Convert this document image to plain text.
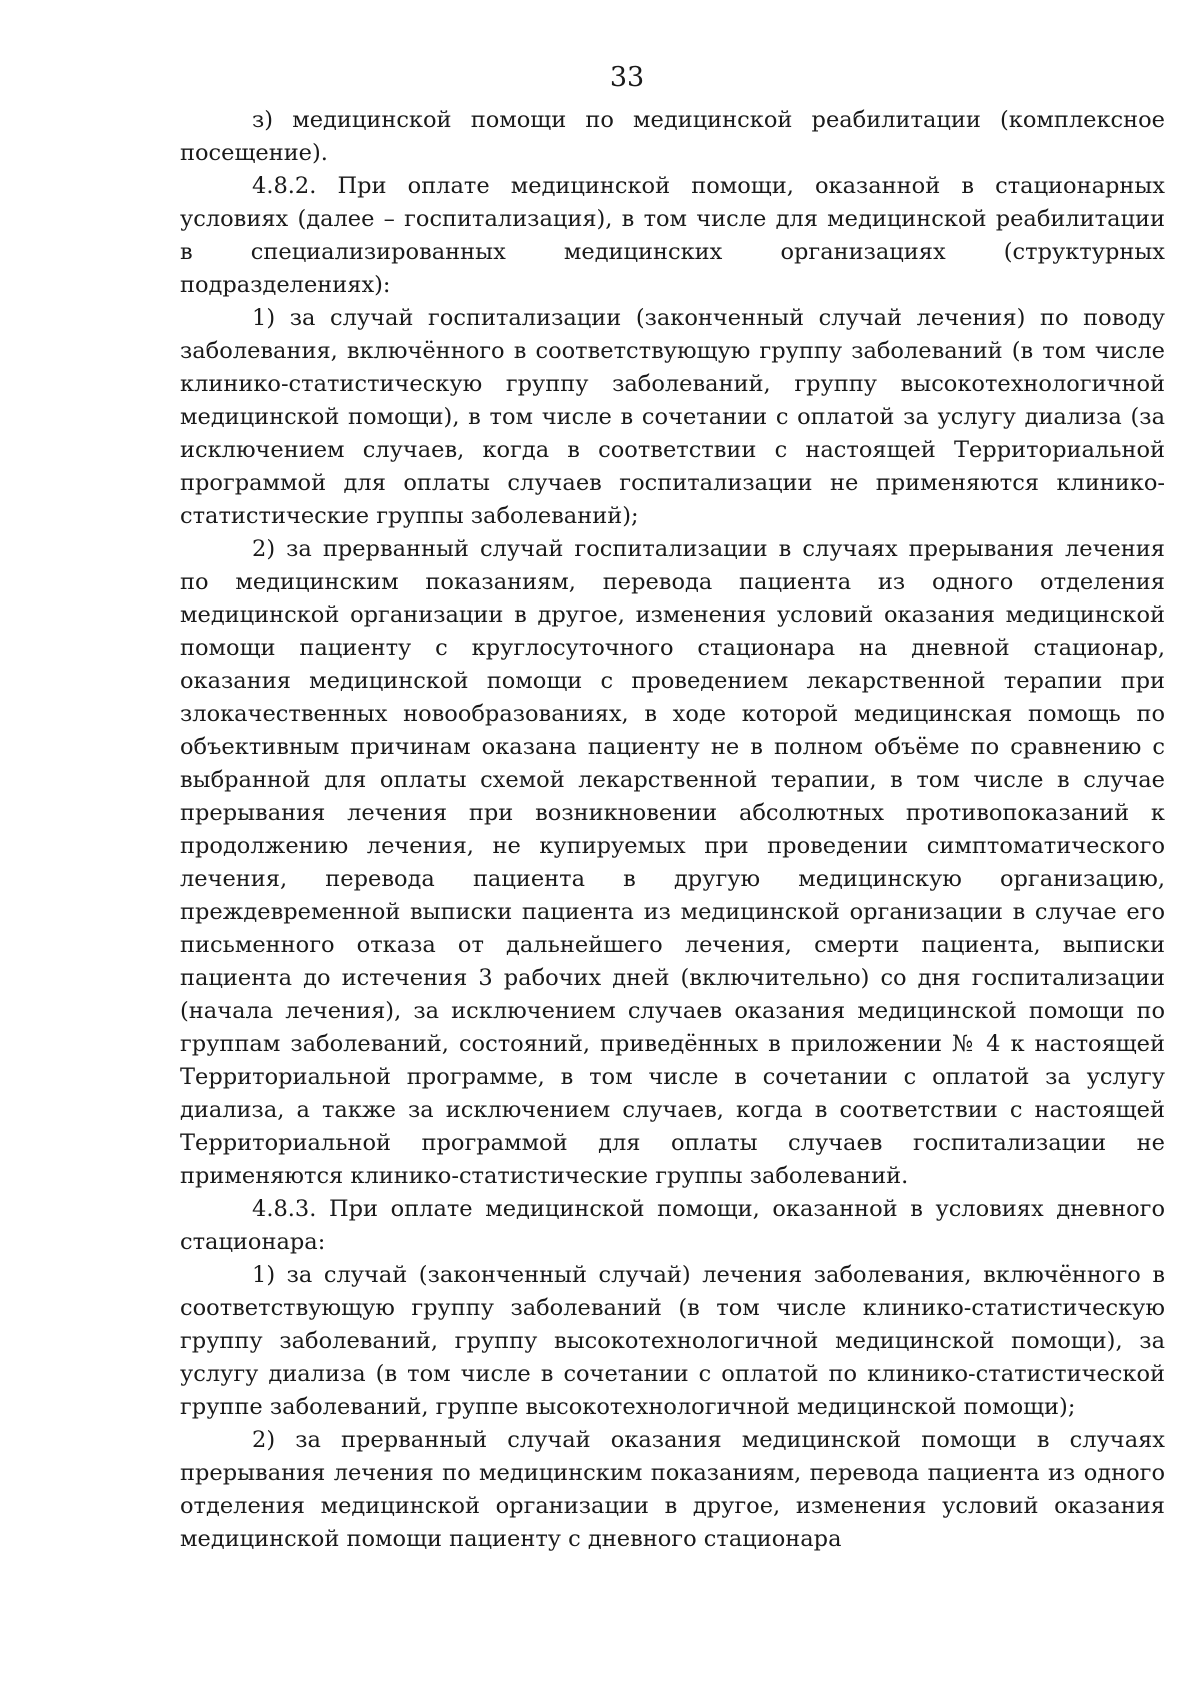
33

з) медицинской помощи по медицинской реабилитации (комплексное посещение).

4.8.2. При оплате медицинской помощи, оказанной в стационарных условиях (далее – госпитализация), в том числе для медицинской реабилитации в специализированных медицинских организациях (структурных подразделениях):

1) за случай госпитализации (законченный случай лечения) по поводу заболевания, включённого в соответствующую группу заболеваний (в том числе клинико-статистическую группу заболеваний, группу высокотехнологичной медицинской помощи), в том числе в сочетании с оплатой за услугу диализа (за исключением случаев, когда в соответствии с настоящей Территориальной программой для оплаты случаев госпитализации не применяются клинико-статистические группы заболеваний);

2) за прерванный случай госпитализации в случаях прерывания лечения по медицинским показаниям, перевода пациента из одного отделения медицинской организации в другое, изменения условий оказания медицинской помощи пациенту с круглосуточного стационара на дневной стационар, оказания медицинской помощи с проведением лекарственной терапии при злокачественных новообразованиях, в ходе которой медицинская помощь по объективным причинам оказана пациенту не в полном объёме по сравнению с выбранной для оплаты схемой лекарственной терапии, в том числе в случае прерывания лечения при возникновении абсолютных противопоказаний к продолжению лечения, не купируемых при проведении симптоматического лечения, перевода пациента в другую медицинскую организацию, преждевременной выписки пациента из медицинской организации в случае его письменного отказа от дальнейшего лечения, смерти пациента, выписки пациента до истечения 3 рабочих дней (включительно) со дня госпитализации (начала лечения), за исключением случаев оказания медицинской помощи по группам заболеваний, состояний, приведённых в приложении № 4 к настоящей Территориальной программе, в том числе в сочетании с оплатой за услугу диализа, а также за исключением случаев, когда в соответствии с настоящей Территориальной программой для оплаты случаев госпитализации не применяются клинико-статистические группы заболеваний.

4.8.3. При оплате медицинской помощи, оказанной в условиях дневного стационара:

1) за случай (законченный случай) лечения заболевания, включённого в соответствующую группу заболеваний (в том числе клинико-статистическую группу заболеваний, группу высокотехнологичной медицинской помощи), за услугу диализа (в том числе в сочетании с оплатой по клинико-статистической группе заболеваний, группе высокотехнологичной медицинской помощи);

2) за прерванный случай оказания медицинской помощи в случаях прерывания лечения по медицинским показаниям, перевода пациента из одного отделения медицинской организации в другое, изменения условий оказания медицинской помощи пациенту с дневного стационара
